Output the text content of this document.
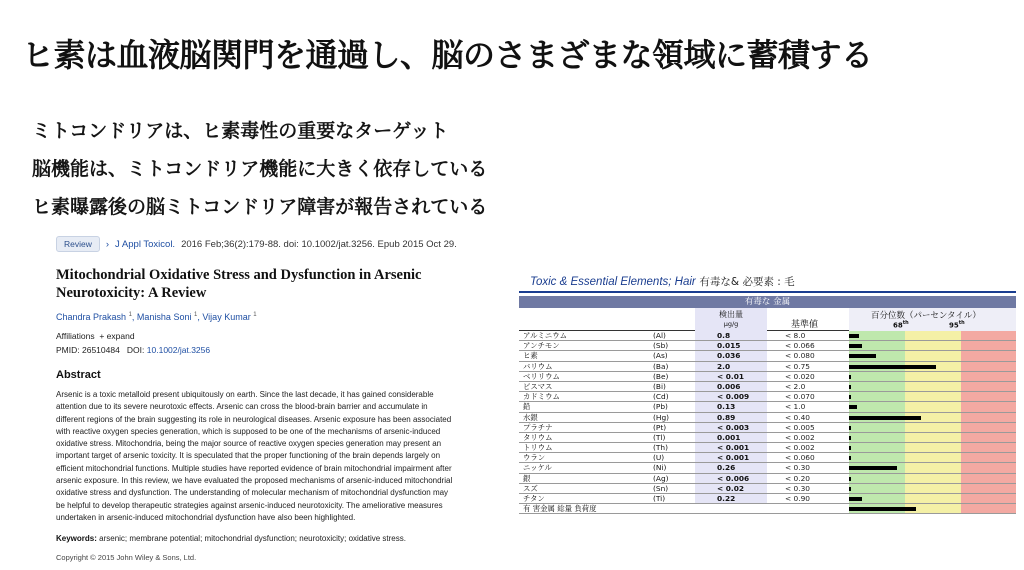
ヒ素は血液脳関門を通過し、脳のさまざまな領域に蓄積する
ミトコンドリアは、ヒ素毒性の重要なターゲット
脳機能は、ミトコンドリア機能に大きく依存している
ヒ素曝露後の脳ミトコンドリア障害が報告されている
Review	› J Appl Toxicol. 2016 Feb;36(2):179-88. doi: 10.1002/jat.3256. Epub 2015 Oct 29.
Mitochondrial Oxidative Stress and Dysfunction in Arsenic Neurotoxicity: A Review
Chandra Prakash $^1$, Manisha Soni $^1$, Vijay Kumar $^1$
Affiliations + expand
PMID: 26510484 DOI: 10.1002/jat.3256
Abstract
Arsenic is a toxic metalloid present ubiquitously on earth. Since the last decade, it has gained considerable attention due to its severe neurotoxic effects. Arsenic can cross the blood-brain barrier and accumulate in different regions of the brain suggesting its role in neurological diseases. Arsenic exposure has been associated with reactive oxygen species generation, which is supposed to be one of the mechanisms of arsenic-induced oxidative stress. Mitochondria, being the major source of reactive oxygen species generation may present an important target of arsenic toxicity. It is speculated that the proper functioning of the brain depends largely on efficient mitochondrial functions. Multiple studies have reported evidence of brain mitochondrial impairment after arsenic exposure. In this review, we have evaluated the proposed mechanisms of arsenic-induced mitochondrial oxidative stress and dysfunction. The understanding of molecular mechanism of mitochondrial dysfunction may be helpful to develop therapeutic strategies against arsenic-induced neurotoxicity. The ameliorative measures undertaken in arsenic-induced mitochondrial dysfunction have also been highlighted.
Keywords: arsenic; membrane potential; mitochondrial dysfunction; neurotoxicity; oxidative stress.
Copyright © 2015 John Wiley & Sons, Ltd.
Toxic & Essential Elements; Hair 有毒な& 必要素 : 毛
有毒な 金属
検出量
µg/g	基準値
百分位数（パーセンタイル）
68th	95th
アルミニウム	(Al)	0.8	< 8.0
アンチモン	(Sb)	0.015	< 0.066
ヒ素	(As)	0.036	< 0.080
バリウム	(Ba)	2.0	< 0.75
ベリリウム	(Be)	< 0.01	< 0.020
ビスマス	(Bi)	0.006	< 2.0
カドミウム	(Cd)	< 0.009	< 0.070
鉛	(Pb)	0.13	< 1.0
水銀	(Hg)	0.89	< 0.40
プラチナ	(Pt)	< 0.003	< 0.005
タリウム	(Tl)	0.001	< 0.002
トリウム	(Th)	< 0.001	< 0.002
ウラン	(U)	< 0.001	< 0.060
ニッケル	(Ni)	0.26	< 0.30
銀	(Ag)	< 0.006	< 0.20
スズ	(Sn)	< 0.02	< 0.30
チタン	(Ti)	0.22	< 0.90
有 害金属 総量 負荷度
